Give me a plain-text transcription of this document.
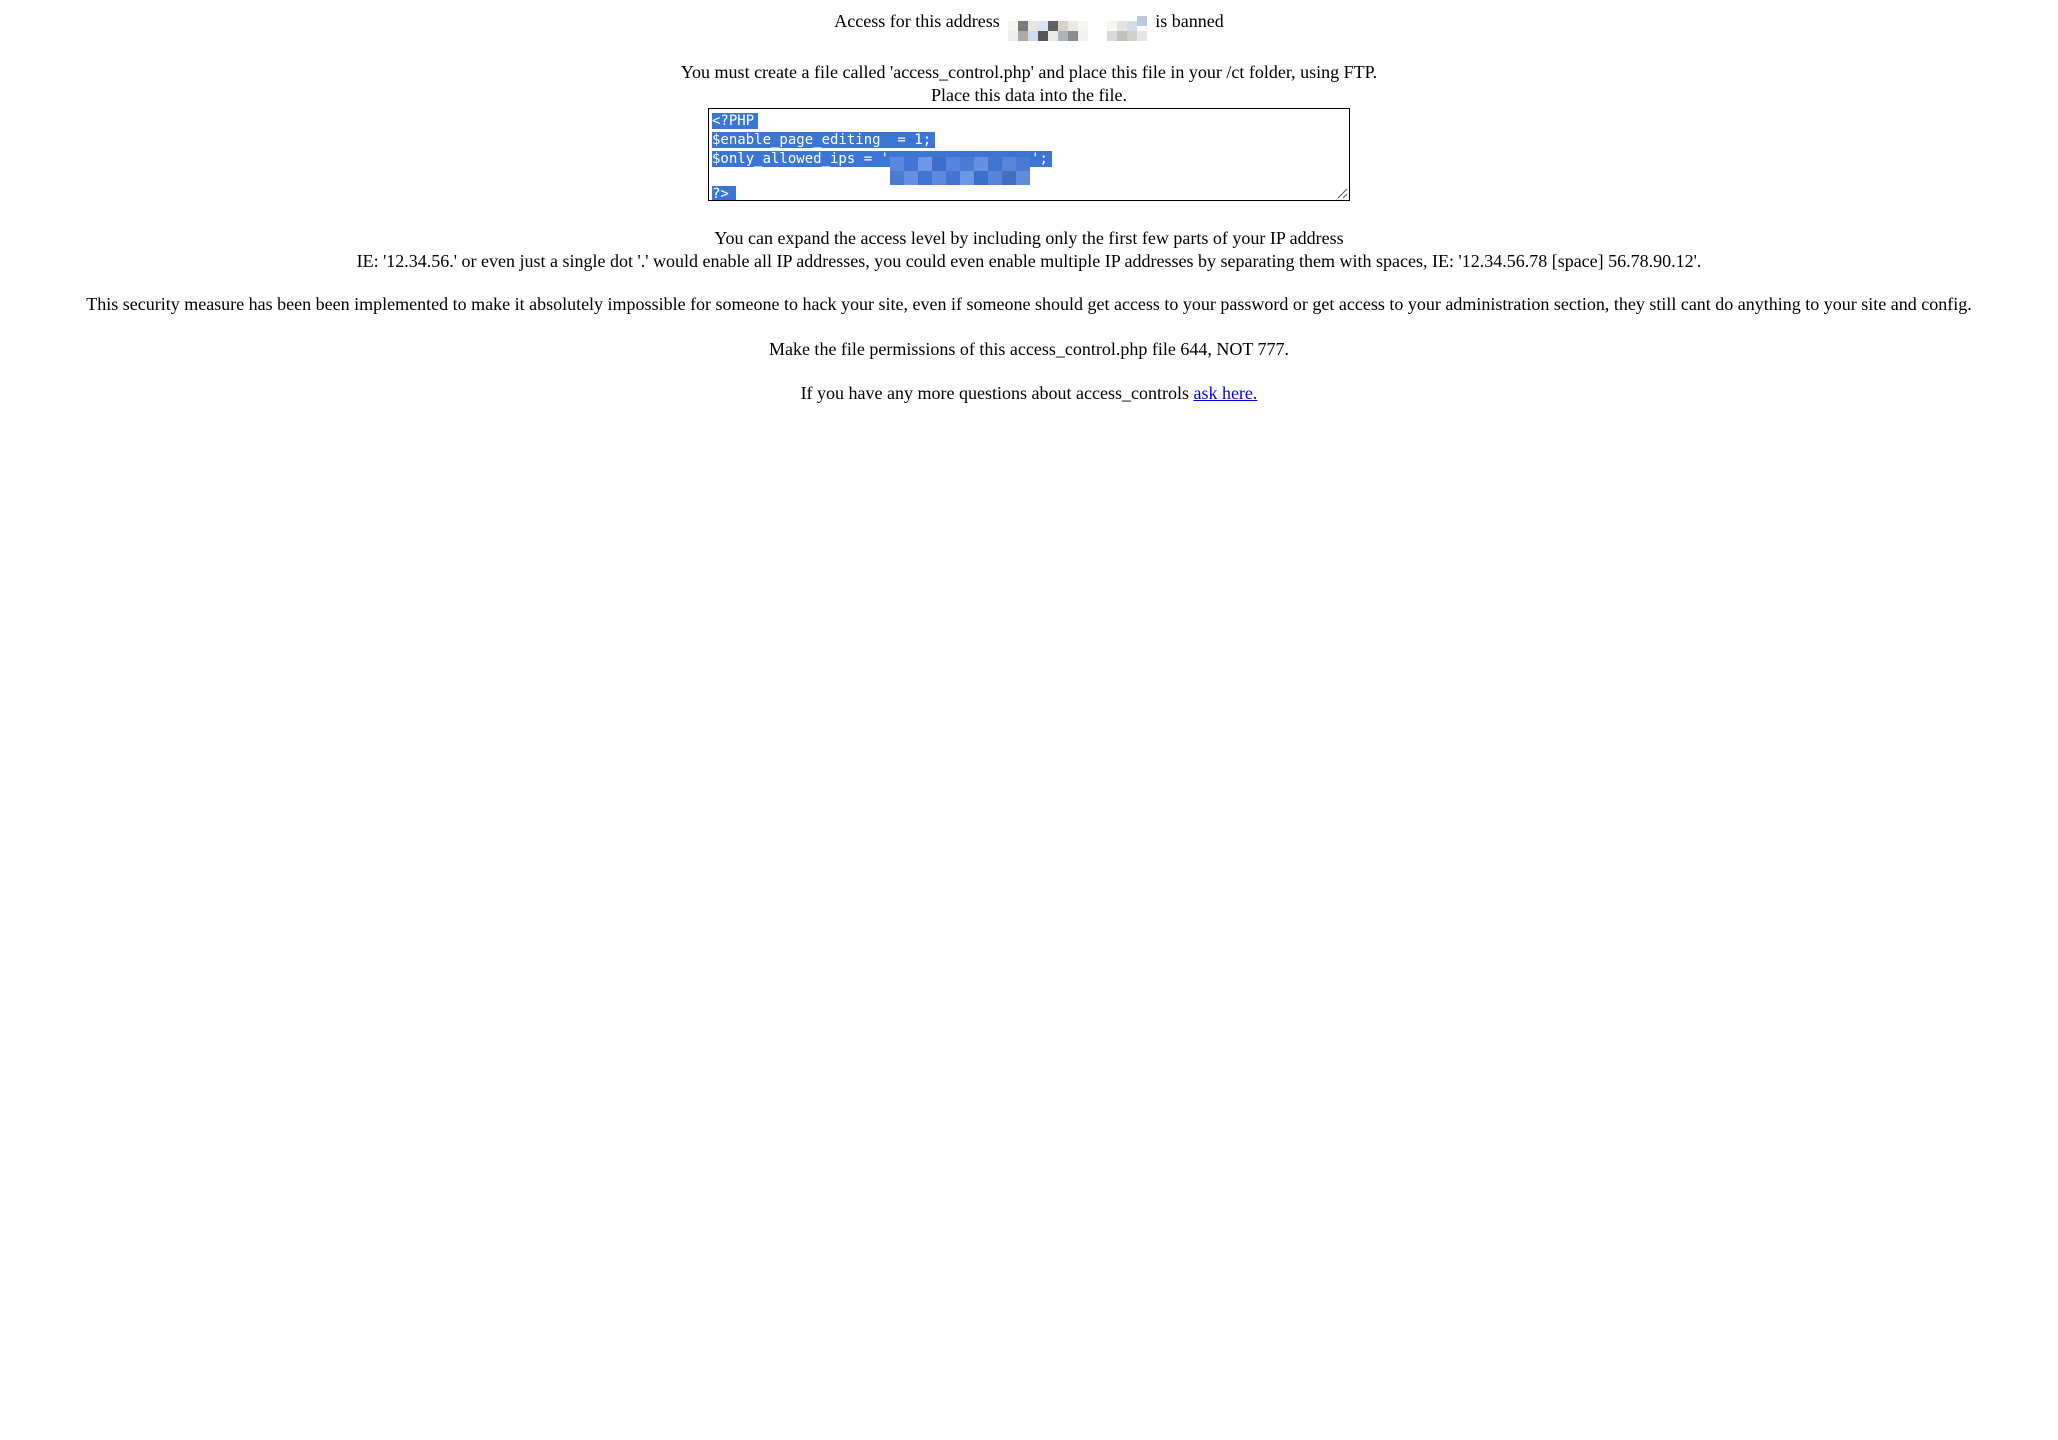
Access for this address
	is banned

You must create a file called 'access_control.php' and place this file in your /ct folder, using FTP.
Place this data into the file.

<?PHP
$enable_page_editing  = 1;
$only_allowed_ips = '	';
?>

You can expand the access level by including only the first few parts of your IP address
IE: '12.34.56.' or even just a single dot '.' would enable all IP addresses, you could even enable multiple IP addresses by separating them with spaces, IE: '12.34.56.78 [space] 56.78.90.12'.

This security measure has been been implemented to make it absolutely impossible for someone to hack your site, even if someone should get access to your password or get access to your administration section, they still cant do anything to your site and config.

Make the file permissions of this access_control.php file 644, NOT 777.

If you have any more questions about access_controls ask here.
